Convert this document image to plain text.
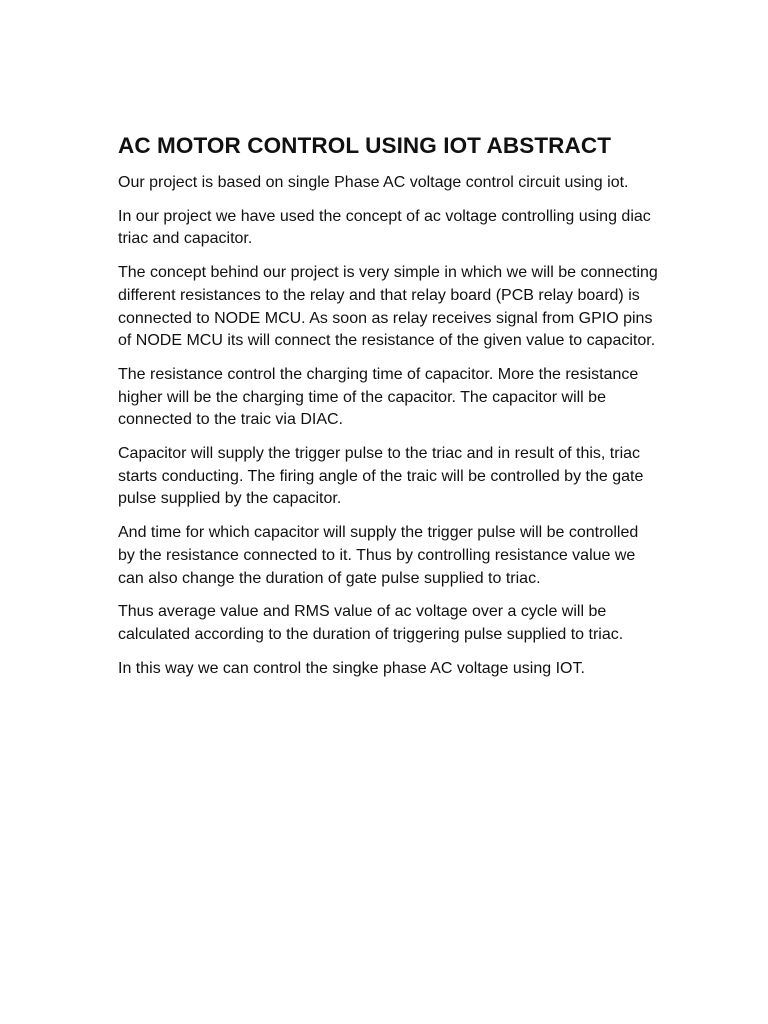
AC MOTOR CONTROL USING IOT ABSTRACT

Our project is based on single Phase AC voltage control circuit using iot.

In our project we have used the concept of ac voltage controlling using diac triac and capacitor.

The concept behind our project is very simple in which we will be connecting different resistances to the relay and that relay board (PCB relay board) is connected to NODE MCU. As soon as relay receives signal from GPIO pins of NODE MCU its will connect the resistance of the given value to capacitor.

The resistance control the charging time of capacitor. More the resistance higher will be the charging time of the capacitor. The capacitor will be connected to the traic via DIAC.

Capacitor will supply the trigger pulse to the triac and in result of this, triac starts conducting. The firing angle of the traic will be controlled by the gate pulse supplied by the capacitor.

And time for which capacitor will supply the trigger pulse will be controlled by the resistance connected to it. Thus by controlling resistance value we can also change the duration of gate pulse supplied to triac.

Thus average value and RMS value of ac voltage over a cycle will be calculated according to the duration of triggering pulse supplied to triac.

In this way we can control the singke phase AC voltage using IOT.
